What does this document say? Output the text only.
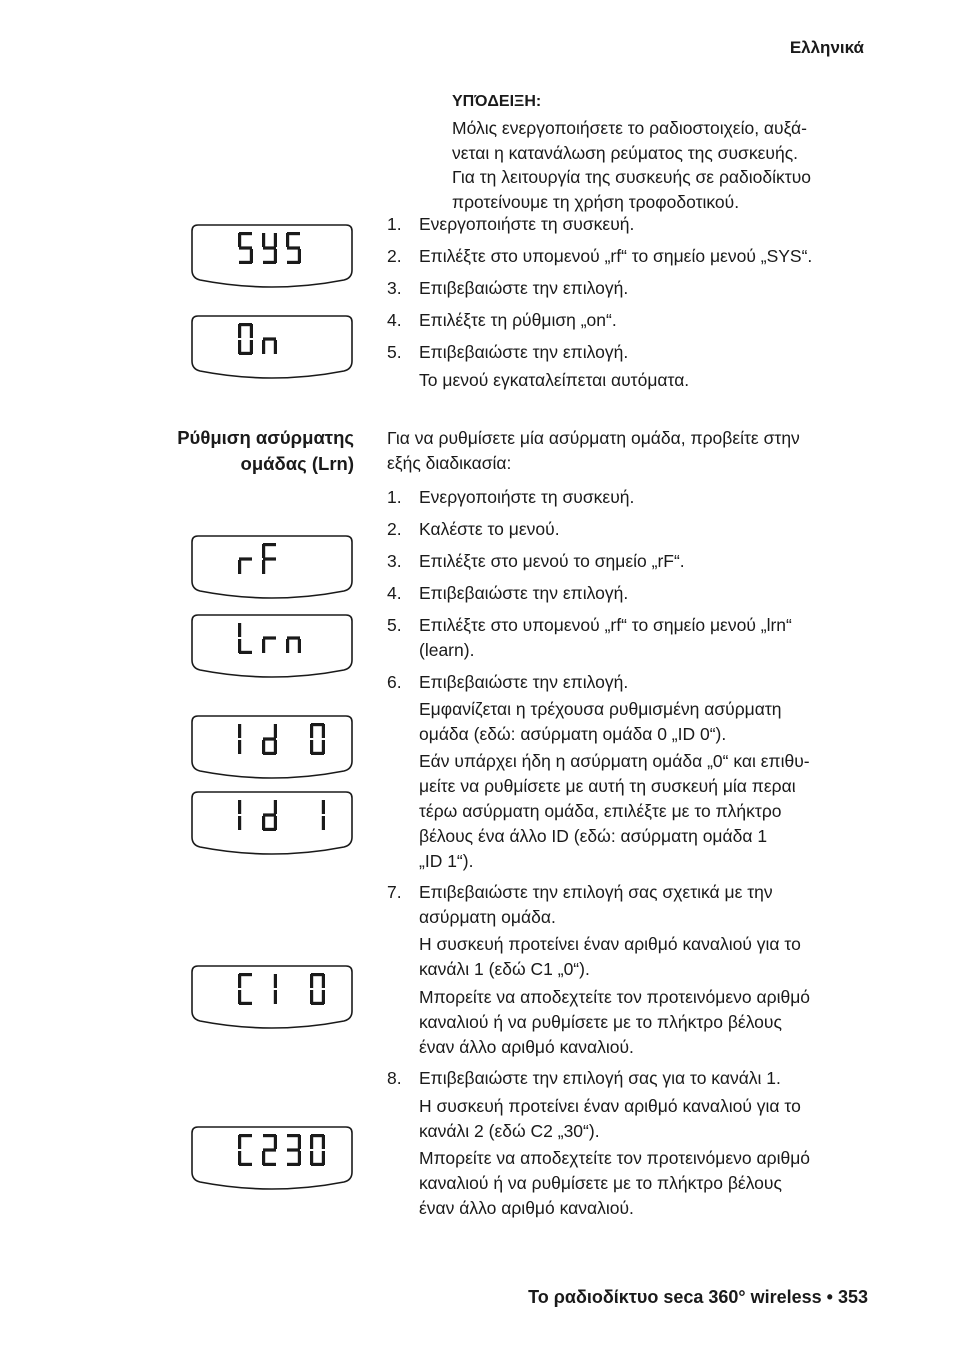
Ελληνικά
ΥΠΌΔΕΙΞΗ:
Μόλις ενεργοποιήσετε το ραδιοστοιχείο, αυξά-
νεται η κατανάλωση ρεύματος της συσκευής.
Για τη λειτουργία της συσκευής σε ραδιοδίκτυο
προτείνουμε τη χρήση τροφοδοτικού.
1. Ενεργοποιήστε τη συσκευή.
2. Επιλέξτε στο υπομενού „rf“ το σημείο μενού „SYS“.
3. Επιβεβαιώστε την επιλογή.
4. Επιλέξτε τη ρύθμιση „on“.
5. Επιβεβαιώστε την επιλογή.
Το μενού εγκαταλείπεται αυτόματα.
Ρύθμιση ασύρματης
ομάδας (Lrn)
Για να ρυθμίσετε μία ασύρματη ομάδα, προβείτε στην
εξής διαδικασία:
1. Ενεργοποιήστε τη συσκευή.
2. Καλέστε το μενού.
3. Επιλέξτε στο μενού το σημείο „rF“.
4. Επιβεβαιώστε την επιλογή.
5. Επιλέξτε στο υπομενού „rf“ το σημείο μενού „lrn“
(learn).
6. Επιβεβαιώστε την επιλογή.
Εμφανίζεται η τρέχουσα ρυθμισμένη ασύρματη
ομάδα (εδώ: ασύρματη ομάδα 0 „ID 0“).
Εάν υπάρχει ήδη η ασύρματη ομάδα „0“ και επιθυ-
μείτε να ρυθμίσετε με αυτή τη συσκευή μία περαι
τέρω ασύρματη ομάδα, επιλέξτε με το πλήκτρο
βέλους ένα άλλο ID (εδώ: ασύρματη ομάδα 1
„ID 1“).
7. Επιβεβαιώστε την επιλογή σας σχετικά με την
ασύρματη ομάδα.
Η συσκευή προτείνει έναν αριθμό καναλιού για το
κανάλι 1 (εδώ C1 „0“).
Μπορείτε να αποδεχτείτε τον προτεινόμενο αριθμό
καναλιού ή να ρυθμίσετε με το πλήκτρο βέλους
έναν άλλο αριθμό καναλιού.
8. Επιβεβαιώστε την επιλογή σας για το κανάλι 1.
Η συσκευή προτείνει έναν αριθμό καναλιού για το
κανάλι 2 (εδώ C2 „30“).
Μπορείτε να αποδεχτείτε τον προτεινόμενο αριθμό
καναλιού ή να ρυθμίσετε με το πλήκτρο βέλους
έναν άλλο αριθμό καναλιού.
Το ραδιοδίκτυο seca 360° wireless • 353
